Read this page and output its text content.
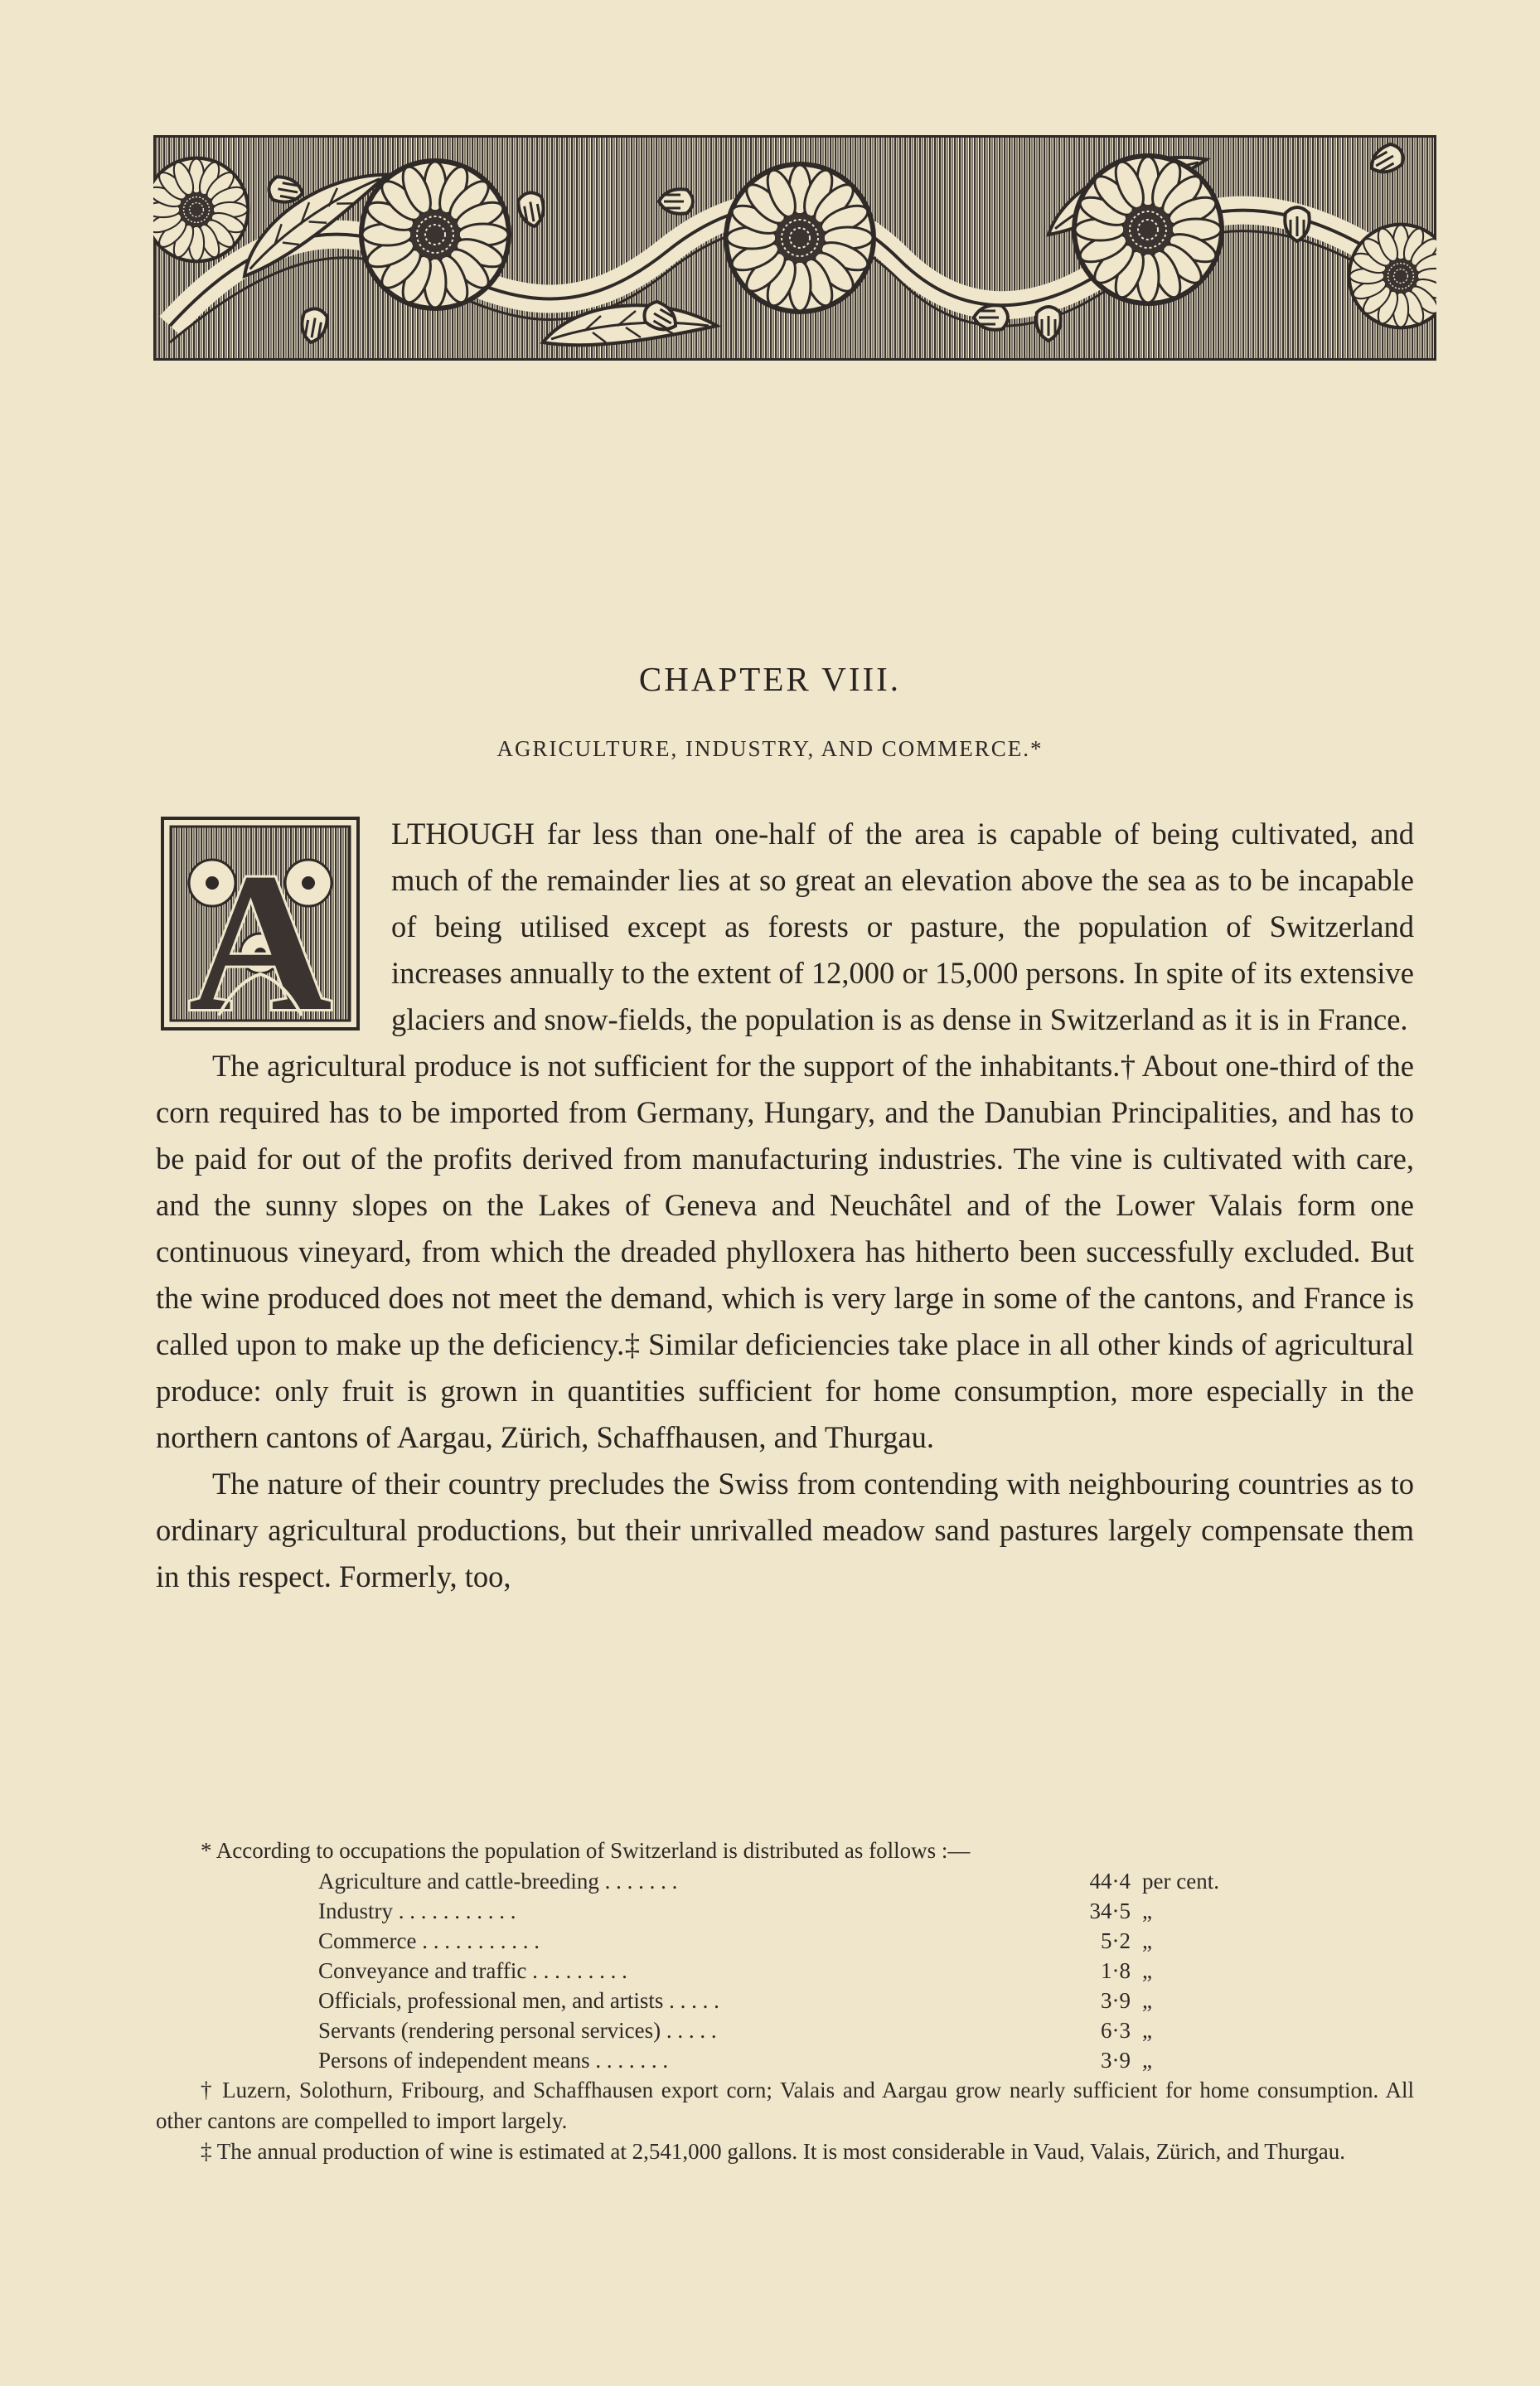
CHAPTER VIII.
AGRICULTURE, INDUSTRY, AND COMMERCE.*
A	LTHOUGH far less than one-half of the area is capable of being cultivated, and much of the remainder lies at so great an elevation above the sea as to be incapable of being utilised except as forests or pasture, the population of Switzerland increases annually to the extent of 12,000 or 15,000 persons. In spite of its extensive glaciers and snow-fields, the population is as dense in Switzerland as it is in France.

The agricultural produce is not sufficient for the support of the inhabitants.† About one-third of the corn required has to be imported from Germany, Hungary, and the Danubian Principalities, and has to be paid for out of the profits derived from manufacturing industries. The vine is cultivated with care, and the sunny slopes on the Lakes of Geneva and Neuchâtel and of the Lower Valais form one continuous vineyard, from which the dreaded phylloxera has hitherto been successfully excluded. But the wine produced does not meet the demand, which is very large in some of the cantons, and France is called upon to make up the deficiency.‡ Similar deficiencies take place in all other kinds of agricultural produce: only fruit is grown in quantities sufficient for home consumption, more especially in the northern cantons of Aargau, Zürich, Schaffhausen, and Thurgau.

The nature of their country precludes the Swiss from contending with neighbouring countries as to ordinary agricultural productions, but their unrivalled meadow sand pastures largely compensate them in this respect. Formerly, too,

* According to occupations the population of Switzerland is distributed as follows :—

Agriculture and cattle-breeding . . . . . . .	44·4	per cent.
Industry . . . . . . . . . . .	34·5	„
Commerce . . . . . . . . . . .	5·2	„
Conveyance and traffic . . . . . . . . .	1·8	„
Officials, professional men, and artists . . . . .	3·9	„
Servants (rendering personal services) . . . . .	6·3	„
Persons of independent means . . . . . . .	3·9	„

† Luzern, Solothurn, Fribourg, and Schaffhausen export corn; Valais and Aargau grow nearly sufficient for home consumption. All other cantons are compelled to import largely.

‡ The annual production of wine is estimated at 2,541,000 gallons. It is most considerable in Vaud, Valais, Zürich, and Thurgau.
